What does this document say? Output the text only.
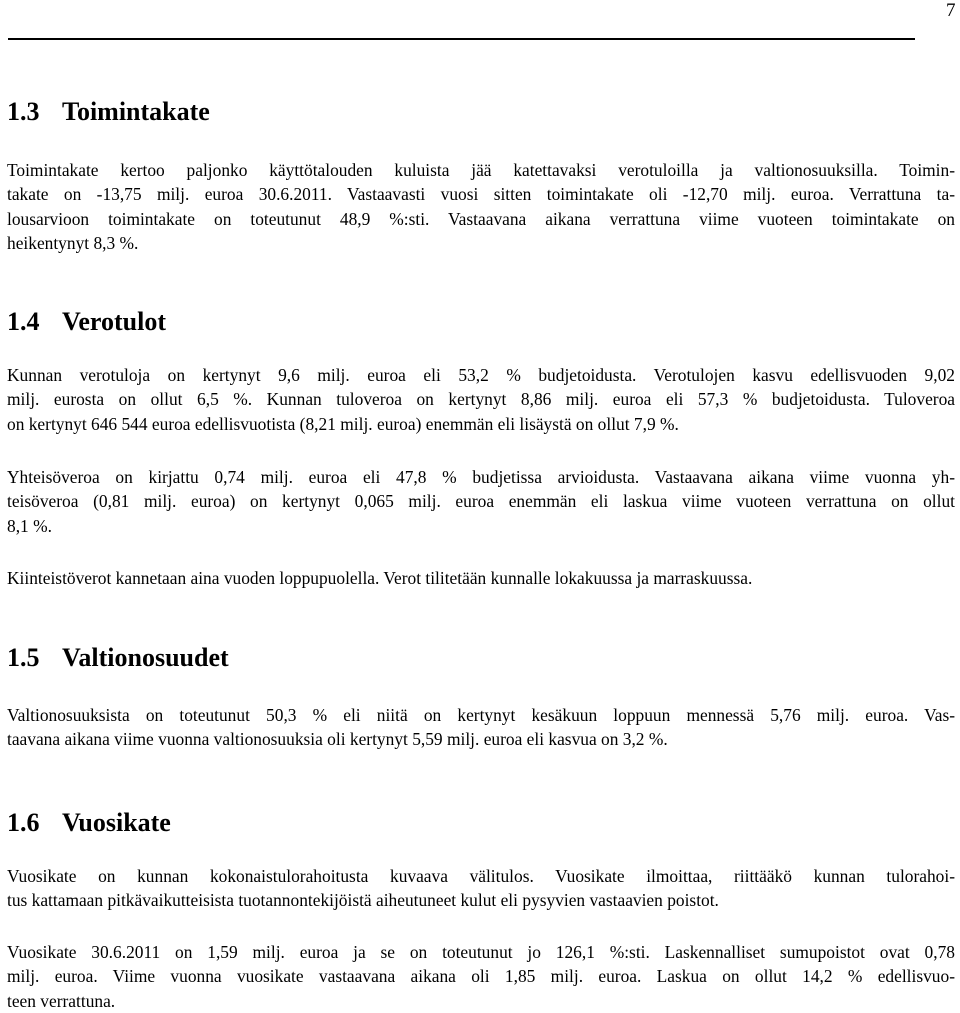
7
1.3 Toimintakate

Toimintakate kertoo paljonko käyttötalouden kuluista jää katettavaksi verotuloilla ja valtionosuuksilla. Toimin-
takate on -13,75 milj. euroa 30.6.2011. Vastaavasti vuosi sitten toimintakate oli -12,70 milj. euroa. Verrattuna ta-
lousarvioon toimintakate on toteutunut 48,9 %:sti. Vastaavana aikana verrattuna viime vuoteen toimintakate on
heikentynyt 8,3 %.

1.4 Verotulot

Kunnan verotuloja on kertynyt 9,6 milj. euroa eli 53,2 % budjetoidusta. Verotulojen kasvu edellisvuoden 9,02
milj. eurosta on ollut 6,5 %. Kunnan tuloveroa on kertynyt 8,86 milj. euroa eli 57,3 % budjetoidusta. Tuloveroa
on kertynyt 646 544 euroa edellisvuotista (8,21 milj. euroa) enemmän eli lisäystä on ollut 7,9 %.

Yhteisöveroa on kirjattu 0,74 milj. euroa eli 47,8 % budjetissa arvioidusta. Vastaavana aikana viime vuonna yh-
teisöveroa (0,81 milj. euroa) on kertynyt 0,065 milj. euroa enemmän eli laskua viime vuoteen verrattuna on ollut
8,1 %.

Kiinteistöverot kannetaan aina vuoden loppupuolella. Verot tilitetään kunnalle lokakuussa ja marraskuussa.

1.5 Valtionosuudet

Valtionosuuksista on toteutunut 50,3 % eli niitä on kertynyt kesäkuun loppuun mennessä 5,76 milj. euroa. Vas-
taavana aikana viime vuonna valtionosuuksia oli kertynyt 5,59 milj. euroa eli kasvua on 3,2 %.

1.6 Vuosikate

Vuosikate on kunnan kokonaistulorahoitusta kuvaava välitulos. Vuosikate ilmoittaa, riittääkö kunnan tulorahoi-
tus kattamaan pitkävaikutteisista tuotannontekijöistä aiheutuneet kulut eli pysyvien vastaavien poistot.

Vuosikate 30.6.2011 on 1,59 milj. euroa ja se on toteutunut jo 126,1 %:sti. Laskennalliset sumupoistot ovat 0,78
milj. euroa. Viime vuonna vuosikate vastaavana aikana oli 1,85 milj. euroa. Laskua on ollut 14,2 % edellisvuo-
teen verrattuna.
